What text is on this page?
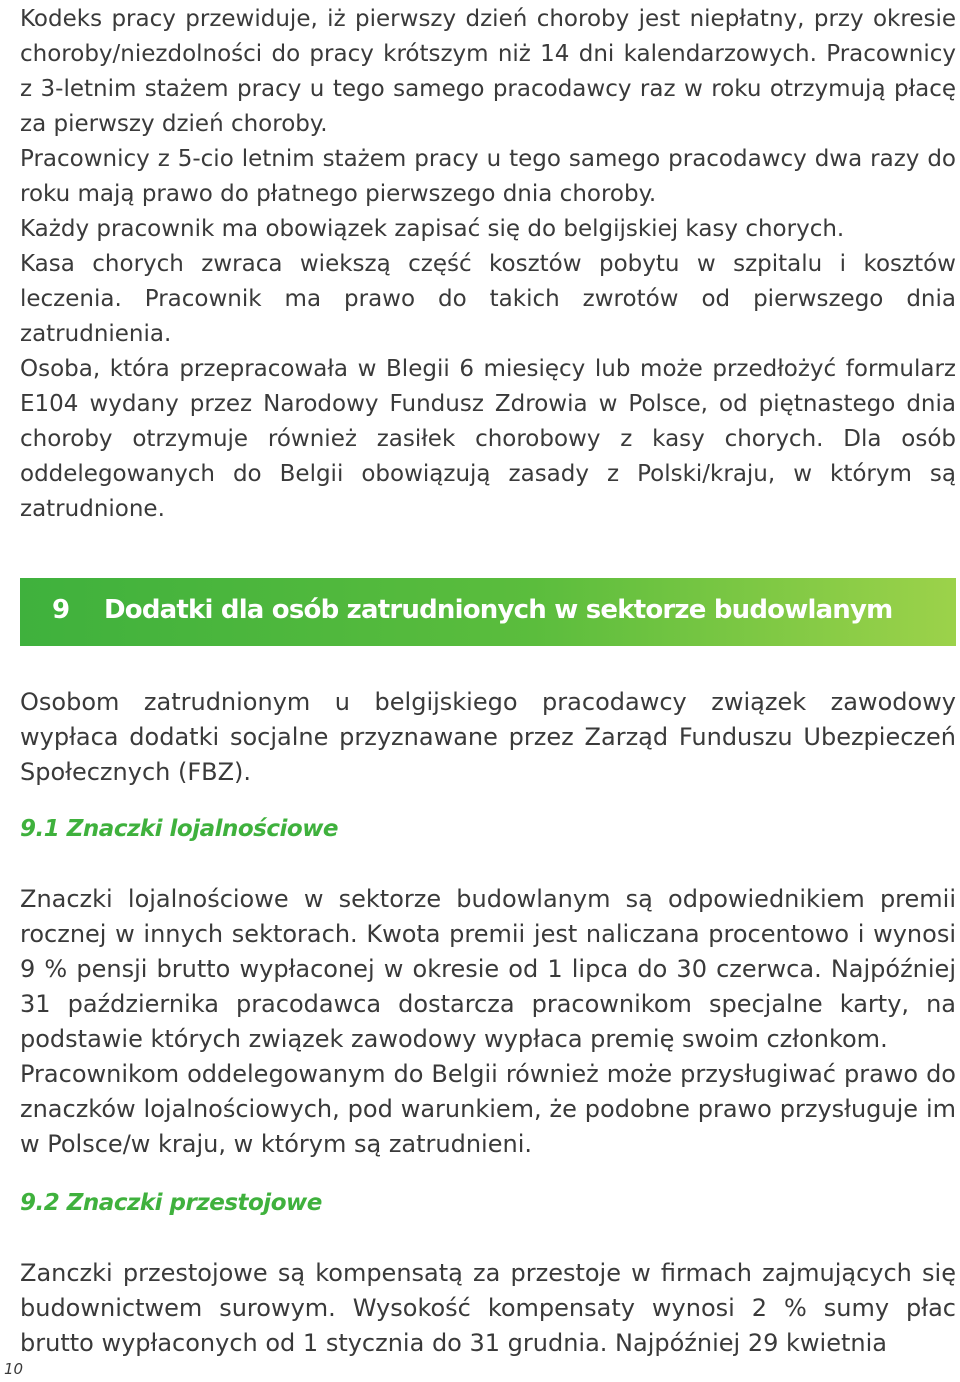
Kodeks pracy przewiduje, iż pierwszy dzień choroby jest niepłatny, przy okresie choroby/niezdolności do pracy krótszym niż 14 dni kalendarzowych. Pracownicy z 3-letnim stażem pracy u tego samego pracodawcy raz w roku otrzymują płacę za pierwszy dzień choroby.

Pracownicy z 5-cio letnim stażem pracy u tego samego pracodawcy dwa razy do roku mają prawo do płatnego pierwszego dnia choroby.

Każdy pracownik ma obowiązek zapisać się do belgijskiej kasy chorych.

Kasa chorych zwraca wiekszą część kosztów pobytu w szpitalu i kosztów leczenia. Pracownik ma prawo do takich zwrotów od pierwszego dnia zatrudnienia.

Osoba, która przepracowała w Blegii 6 miesięcy lub może przedłożyć formularz E104 wydany przez Narodowy Fundusz Zdrowia w Polsce, od piętnastego dnia choroby otrzymuje również zasiłek chorobowy z kasy chorych. Dla osób oddelegowanych do Belgii obowiązują zasady z Polski/kraju, w którym są zatrudnione.

9 Dodatki dla osób zatrudnionych w sektorze budowlanym

Osobom zatrudnionym u belgijskiego pracodawcy związek zawodowy wypłaca dodatki socjalne przyznawane przez Zarząd Funduszu Ubezpieczeń Społecznych (FBZ).

9.1 Znaczki lojalnościowe

Znaczki lojalnościowe w sektorze budowlanym są odpowiednikiem premii rocznej w innych sektorach. Kwota premii jest naliczana procentowo i wynosi 9 % pensji brutto wypłaconej w okresie od 1 lipca do 30 czerwca. Najpóźniej 31 października pracodawca dostarcza pracownikom specjalne karty, na podstawie których związek zawodowy wypłaca premię swoim członkom.

Pracownikom oddelegowanym do Belgii również może przysługiwać prawo do znaczków lojalnościowych, pod warunkiem, że podobne prawo przysługuje im w Polsce/w kraju, w którym są zatrudnieni.

9.2 Znaczki przestojowe

Zanczki przestojowe są kompensatą za przestoje w firmach zajmujących się budownictwem surowym. Wysokość kompensaty wynosi 2 % sumy płac brutto wypłaconych od 1 stycznia do 31 grudnia. Najpóźniej 29 kwietnia

10
